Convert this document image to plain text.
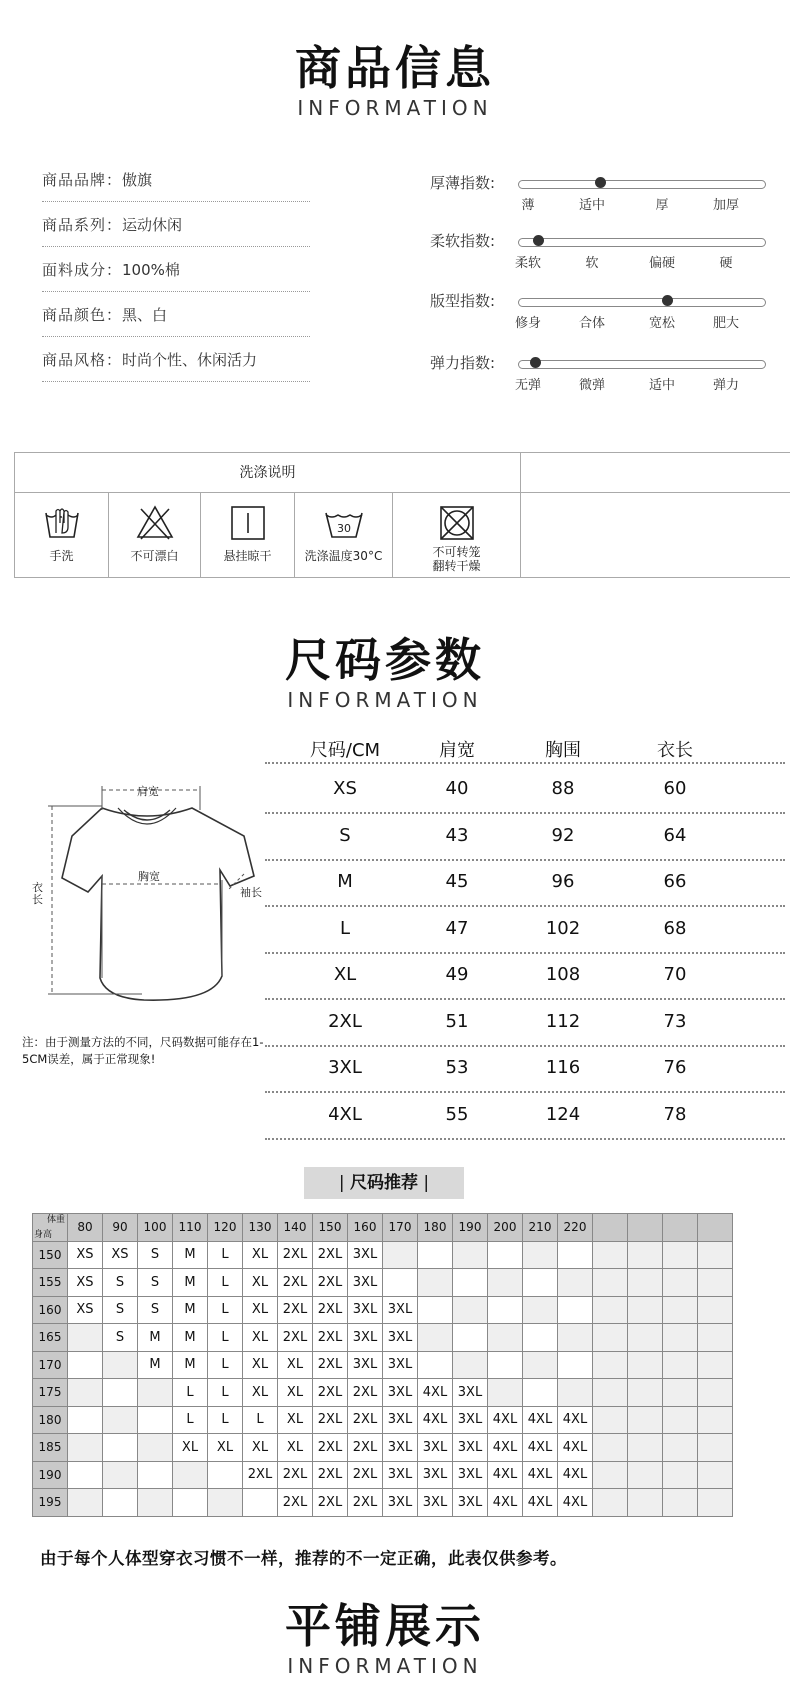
商品信息
INFORMATION
商品品牌：傲旗
商品系列：运动休闲
面料成分：100%棉
商品颜色：黑、白
商品风格：时尚个性、休闲活力
厚薄指数:
薄	适中	厚	加厚
柔软指数:
柔软	软	偏硬	硬
版型指数:
修身	合体	宽松	肥大
弹力指数:
无弹	微弹	适中	弹力
洗涤说明
手洗	不可漂白	悬挂晾干
30
洗涤温度30°C	不可转笼
翻转干燥
尺码参数
INFORMATION
肩宽
胸宽
衣长
袖长
注：由于测量方法的不同，尺码数据可能存在1-5CM误差，属于正常现象!
尺码/CM	肩宽	胸围	衣长
XS	40	88	60
S	43	92	64
M	45	96	66
L	47	102	68
XL	49	108	70
2XL	51	112	73
3XL	53	116	76
4XL	55	124	78
| 尺码推荐 |
体重
身高	80	90	100	110	120	130	140	150	160	170	180	190	200	210	220				
150	XS	XS	S	M	L	XL	2XL	2XL	3XL										
155	XS	S	S	M	L	XL	2XL	2XL	3XL										
160	XS	S	S	M	L	XL	2XL	2XL	3XL	3XL									
165		S	M	M	L	XL	2XL	2XL	3XL	3XL									
170			M	M	L	XL	XL	2XL	3XL	3XL									
175				L	L	XL	XL	2XL	2XL	3XL	4XL	3XL							
180				L	L	L	XL	2XL	2XL	3XL	4XL	3XL	4XL	4XL	4XL				
185				XL	XL	XL	XL	2XL	2XL	3XL	3XL	3XL	4XL	4XL	4XL				
190						2XL	2XL	2XL	2XL	3XL	3XL	3XL	4XL	4XL	4XL				
195							2XL	2XL	2XL	3XL	3XL	3XL	4XL	4XL	4XL				
由于每个人体型穿衣习惯不一样，推荐的不一定正确，此表仅供参考。
平铺展示
INFORMATION
